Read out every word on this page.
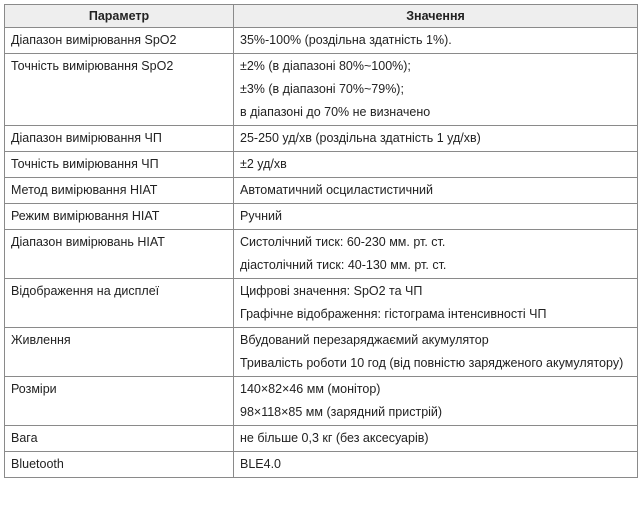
Параметр	Значення

Діапазон вимірювання SpO2	35%-100% (роздільна здатність 1%).

Точність вимірювання SpO2	±2% (в діапазоні 80%~100%);
±3% (в діапазоні 70%~79%);
в діапазоні до 70% не визначено

Діапазон вимірювання ЧП	25-250 уд/хв (роздільна здатність 1 уд/хв)

Точність вимірювання ЧП	±2 уд/хв

Метод вимірювання НІАТ	Автоматичний осциластистичний

Режим вимірювання НІАТ	Ручний

Діапазон вимірювань НІАТ	Систолічний тиск: 60-230 мм. рт. ст.
діастолічний тиск: 40-130 мм. рт. ст.

Відображення на дисплеї	Цифрові значення: SpO2 та ЧП
Графічне відображення: гістограма інтенсивності ЧП

Живлення	Вбудований перезаряджаємий акумулятор
Тривалість роботи 10 год (від повністю зарядженого акумулятору)

Розміри	140×82×46 мм (монітор)
98×118×85 мм (зарядний пристрій)

Вага	не більше 0,3 кг (без аксесуарів)

Bluetooth	BLE4.0
